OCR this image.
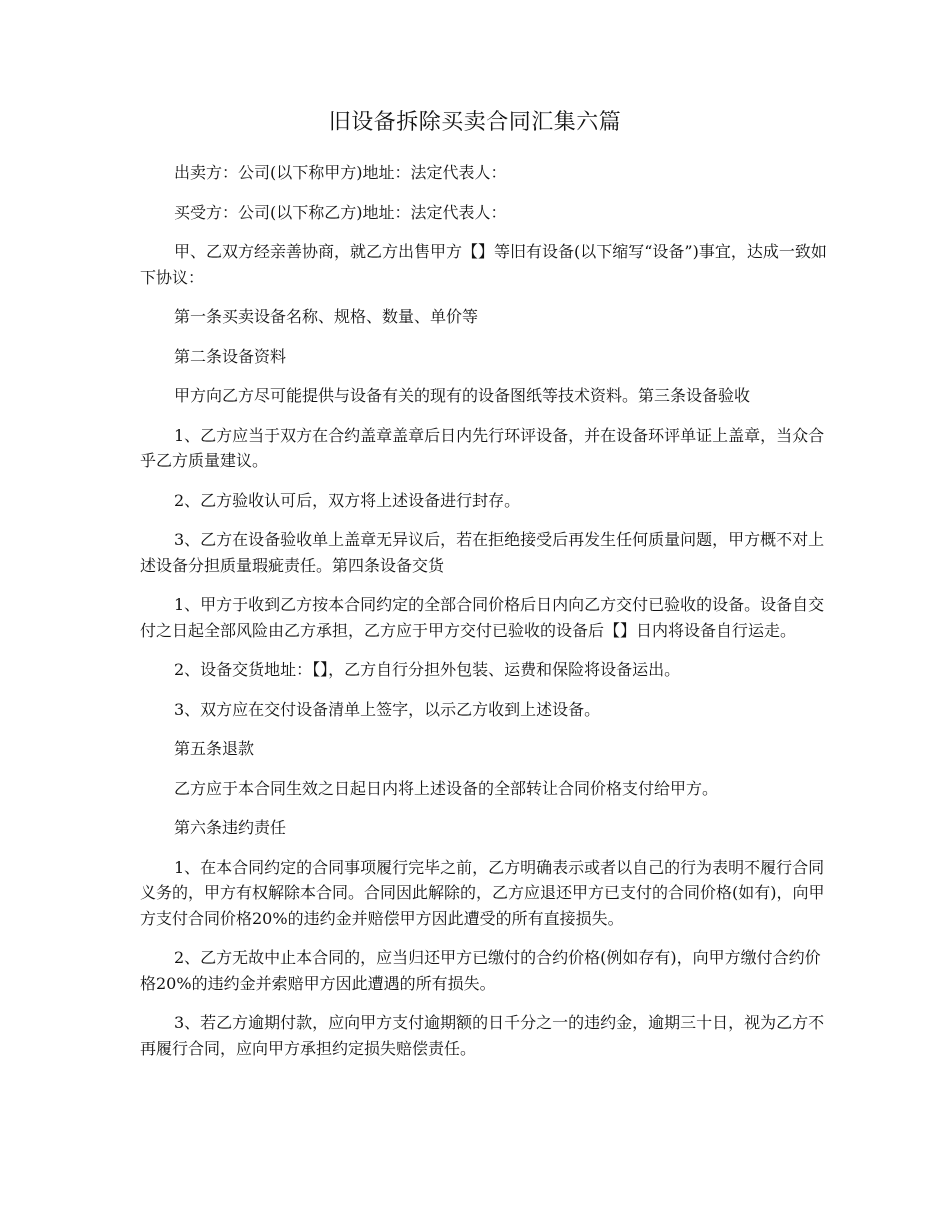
旧设备拆除买卖合同汇集六篇

出卖方：公司(以下称甲方)地址：法定代表人：

买受方：公司(以下称乙方)地址：法定代表人：

甲、乙双方经亲善协商，就乙方出售甲方【】等旧有设备(以下缩写“设备”)事宜，达成一致如下协议：

第一条买卖设备名称、规格、数量、单价等

第二条设备资料

甲方向乙方尽可能提供与设备有关的现有的设备图纸等技术资料。第三条设备验收

1、乙方应当于双方在合约盖章盖章后日内先行环评设备，并在设备环评单证上盖章，当众合乎乙方质量建议。

2、乙方验收认可后，双方将上述设备进行封存。

3、乙方在设备验收单上盖章无异议后，若在拒绝接受后再发生任何质量问题，甲方概不对上述设备分担质量瑕疵责任。第四条设备交货

1、甲方于收到乙方按本合同约定的全部合同价格后日内向乙方交付已验收的设备。设备自交付之日起全部风险由乙方承担，乙方应于甲方交付已验收的设备后【】日内将设备自行运走。

2、设备交货地址：【】，乙方自行分担外包装、运费和保险将设备运出。

3、双方应在交付设备清单上签字，以示乙方收到上述设备。

第五条退款

乙方应于本合同生效之日起日内将上述设备的全部转让合同价格支付给甲方。

第六条违约责任

1、在本合同约定的合同事项履行完毕之前，乙方明确表示或者以自己的行为表明不履行合同义务的，甲方有权解除本合同。合同因此解除的，乙方应退还甲方已支付的合同价格(如有)，向甲方支付合同价格20%的违约金并赔偿甲方因此遭受的所有直接损失。

2、乙方无故中止本合同的，应当归还甲方已缴付的合约价格(例如存有)，向甲方缴付合约价格20%的违约金并索赔甲方因此遭遇的所有损失。

3、若乙方逾期付款，应向甲方支付逾期额的日千分之一的违约金，逾期三十日，视为乙方不再履行合同，应向甲方承担约定损失赔偿责任。
